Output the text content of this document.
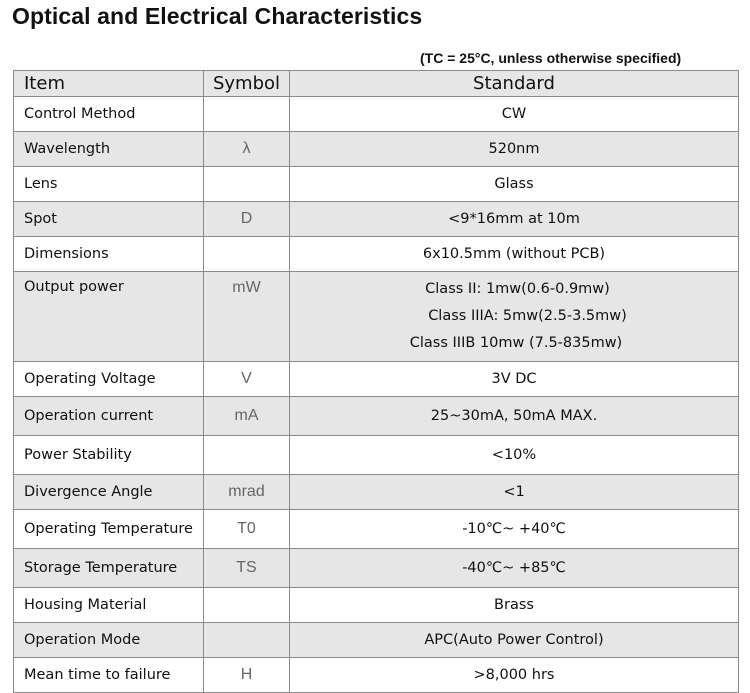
Optical and Electrical Characteristics
(TC = 25°C, unless otherwise specified)
Item	Symbol	Standard
Control Method		CW
Wavelength	λ	520nm
Lens		Glass
Spot	D	<9*16mm at 10m
Dimensions		6x10.5mm (without PCB)
Output power	mW	Class II: 1mw(0.6-0.9mw)
Class IIIA: 5mw(2.5-3.5mw)
Class IIIB 10mw (7.5-835mw)

Operating Voltage	V	3V DC
Operation current	mA	25~30mA, 50mA MAX.
Power Stability		<10%
Divergence Angle	mrad	<1
Operating Temperature	T0	-10℃~ +40℃
Storage Temperature	TS	-40℃~ +85℃
Housing Material		Brass
Operation Mode		APC(Auto Power Control)
Mean time to failure	H	>8,000 hrs
